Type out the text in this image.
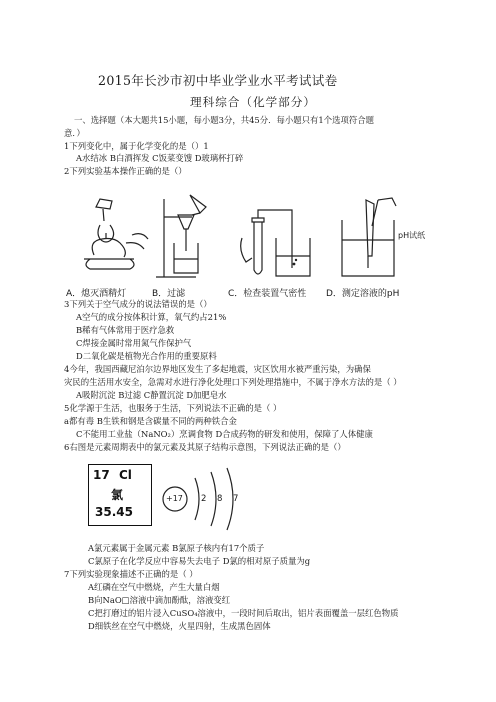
2015年长沙市初中毕业学业水平考试试卷
理科综合（化学部分）
一、选择题（本大题共15小题，每小题3分，共45分．每小题只有1个选项符合题
意．）
1下列变化中，属于化学变化的是（）1
A水结冰 B白酒挥发 C饭菜变馊 D玻璃杯打碎
2下列实验基本操作正确的是（）
pH试纸
A．熄灭酒精灯	B．过滤	C．检查装置气密性 D．测定溶液的pH
3下列关于空气成分的说法错误的是（）
A空气的成分按体积计算，氧气约占21%
B稀有气体常用于医疗急救
C焊接金属时常用氮气作保护气
D二氧化碳是植物光合作用的重要原料
4今年，我国西藏尼泊尔边界地区发生了多起地震，灾区饮用水被严重污染，为确保
灾民的生活用水安全，急需对水进行净化处理口下列处理措施中，不属于净水方法的是（ ）
A吸附沉淀 B过滤 C静置沉淀 D加肥皂水
5化学源于生活，也服务于生活，下列说法不正确的是（ ）
a都有毒 B生铁和钢是含碳量不同的两种铁合金
C不能用工业盐（NaNO₂）烹调食物 D合成药物的研发和使用，保障了人体健康
6右图是元素周期表中的氯元素及其原子结构示意图，下列说法正确的是（）
17 Cl
氯
35.45
+17 2 8 7
A氯元素属于金属元素 B氯原子核内有17个质子
C氯原子在化学反应中容易失去电子 D氯的相对原子质量为g
7下列实验现象描述不正确的是（ ）
A红磷在空气中燃烧，产生大量白烟
B向NaO□溶液中滴加酚酞，溶液变红
C把打磨过的铝片浸入CuSO₄溶液中，一段时间后取出，铝片表面覆盖一层红色物质
D细铁丝在空气中燃烧，火星四射，生成黑色固体
